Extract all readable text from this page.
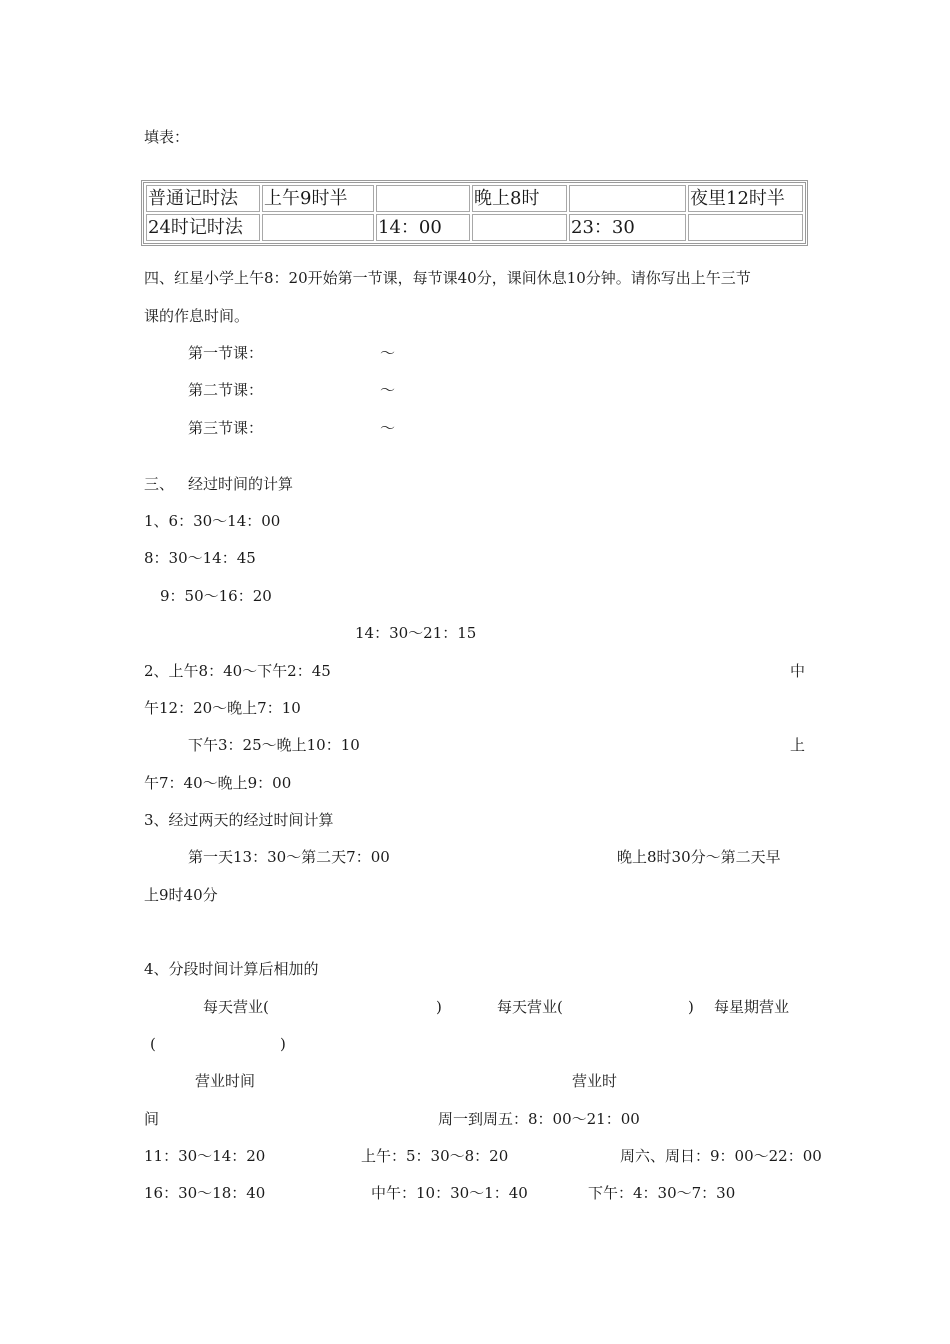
填表：
普通记时法	上午9时半		晚上8时		夜里12时半
24时记时法		14：00		23：30	
四、红星小学上午8：20开始第一节课，每节课40分，课间休息10分钟。请你写出上午三节
课的作息时间。
第一节课：	～
第二节课：	～
第三节课：	～
三、 经过时间的计算
1、6：30～14：00
8：30～14：45
9：50～16：20
14：30～21：15
2、上午8：40～下午2：45	中
午12：20～晚上7：10
下午3：25～晚上10：10	上
午7：40～晚上9：00
3、经过两天的经过时间计算
第一天13：30～第二天7：00	晚上8时30分～第二天早
上9时40分
4、分段时间计算后相加的
每天营业(	)	每天营业(	) 每星期营业
(	)
营业时间	营业时
间	周一到周五：8：00～21：00
11：30～14：20	上午：5：30～8：20	周六、周日：9：00～22：00
16：30～18：40	中午：10：30～1：40	下午：4：30～7：30
